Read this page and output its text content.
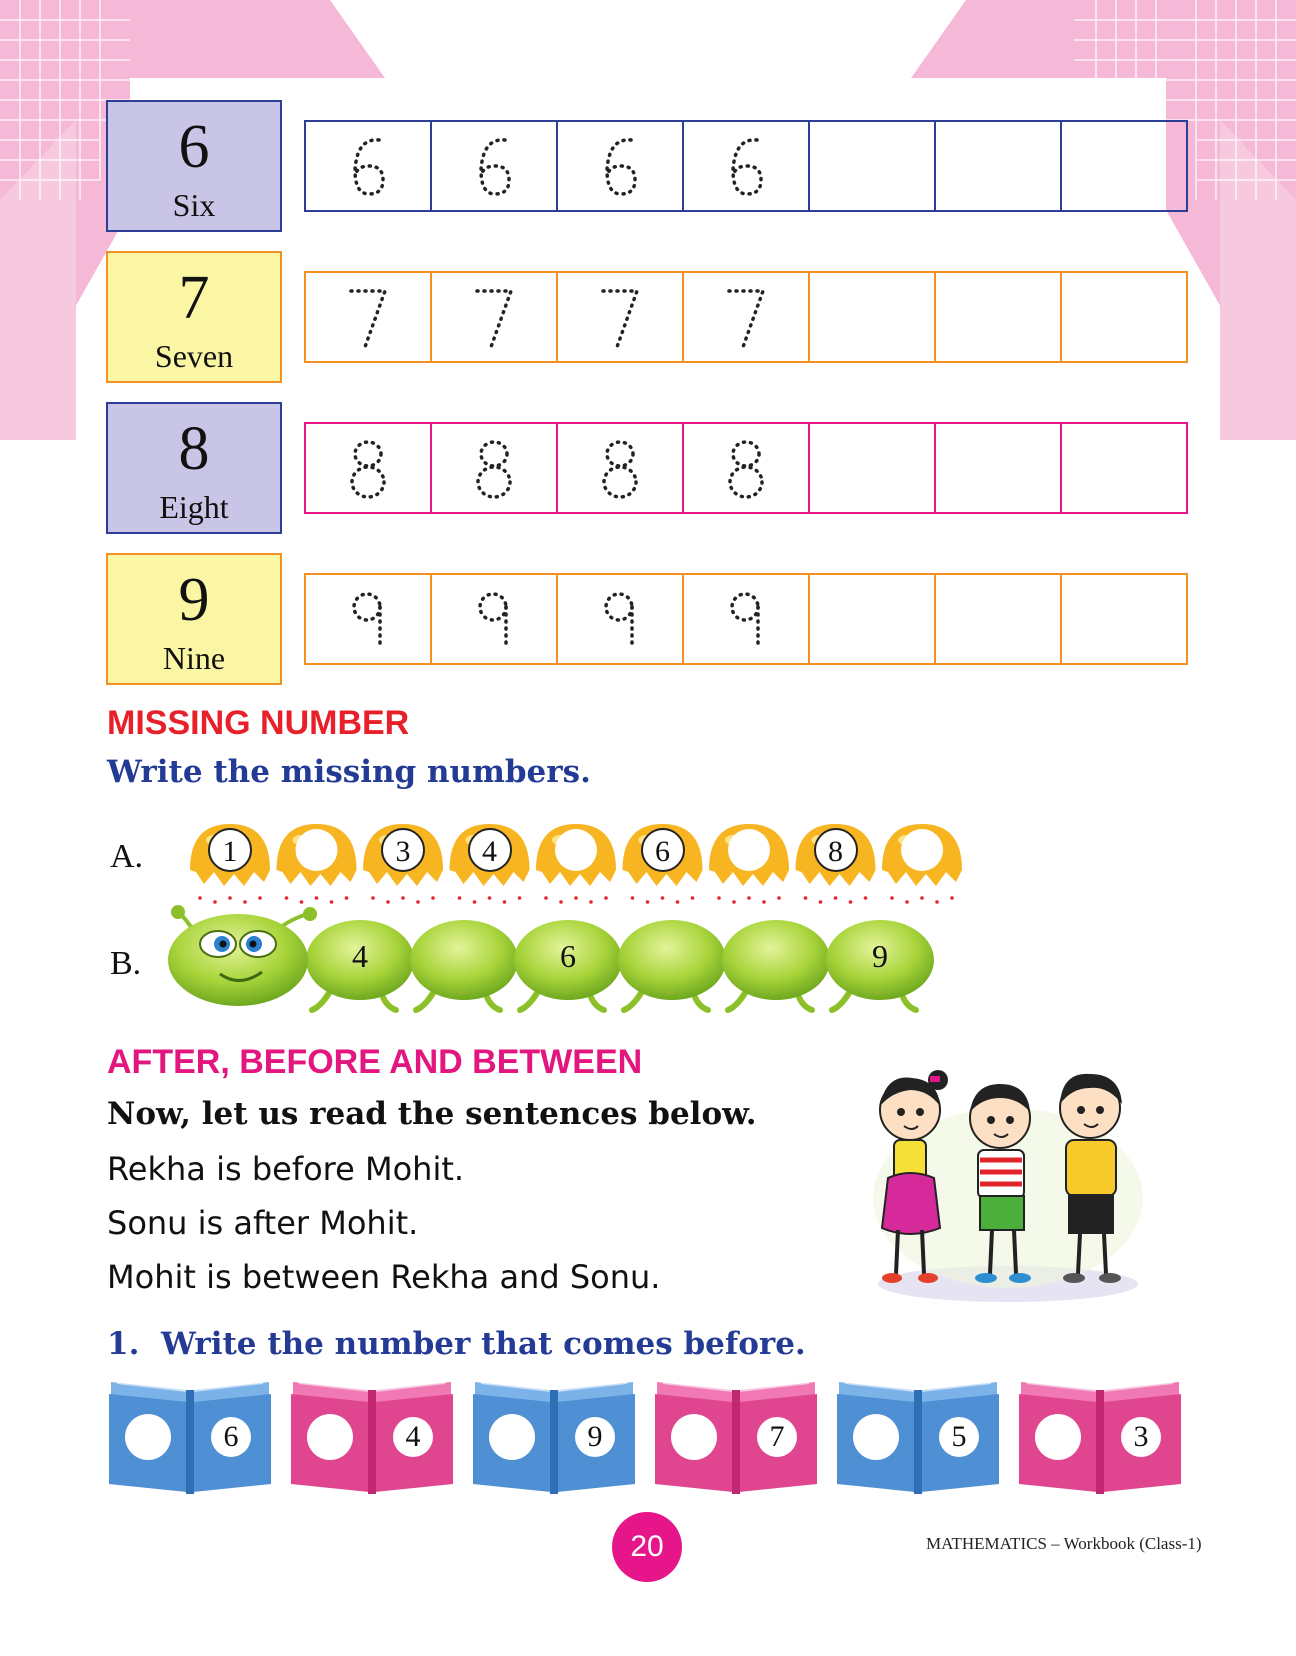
6
Six
7
Seven
8
Eight
9
Nine
MISSING NUMBER
Write the missing numbers.
A.	1	3	4	6	8
B.	4	6	9
AFTER, BEFORE AND BETWEEN
Now, let us read the sentences below.
Rekha is before Mohit.
Sonu is after Mohit.
Mohit is between Rekha and Sonu.
1.  Write the number that comes before.
6	4	9	7	5	3
20	MATHEMATICS – Workbook (Class-1)
